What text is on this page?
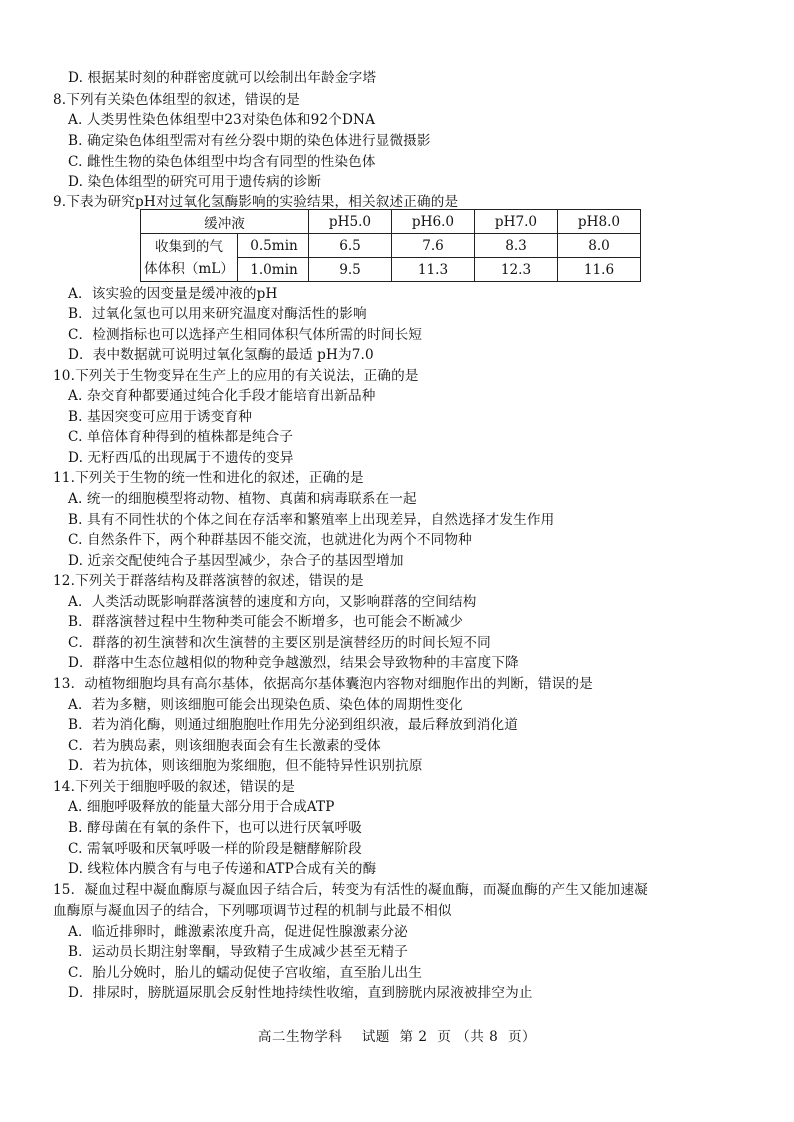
D. 根据某时刻的种群密度就可以绘制出年龄金字塔
8.下列有关染色体组型的叙述，错误的是
A. 人类男性染色体组型中23对染色体和92个DNA
B. 确定染色体组型需对有丝分裂中期的染色体进行显微摄影
C. 雌性生物的染色体组型中均含有同型的性染色体
D. 染色体组型的研究可用于遗传病的诊断
9.下表为研究pH对过氧化氢酶影响的实验结果，相关叙述正确的是
A．该实验的因变量是缓冲液的pH
B．过氧化氢也可以用来研究温度对酶活性的影响
C．检测指标也可以选择产生相同体积气体所需的时间长短
D．表中数据就可说明过氧化氢酶的最适 pH为7.0
10.下列关于生物变异在生产上的应用的有关说法，正确的是
A. 杂交育种都要通过纯合化手段才能培育出新品种
B. 基因突变可应用于诱变育种
C. 单倍体育种得到的植株都是纯合子
D. 无籽西瓜的出现属于不遗传的变异
11.下列关于生物的统一性和进化的叙述，正确的是
A. 统一的细胞模型将动物、植物、真菌和病毒联系在一起
B. 具有不同性状的个体之间在存活率和繁殖率上出现差异，自然选择才发生作用
C. 自然条件下，两个种群基因不能交流，也就进化为两个不同物种
D. 近亲交配使纯合子基因型减少，杂合子的基因型增加
12.下列关于群落结构及群落演替的叙述，错误的是
A．人类活动既影响群落演替的速度和方向，又影响群落的空间结构
B．群落演替过程中生物种类可能会不断增多，也可能会不断减少
C．群落的初生演替和次生演替的主要区别是演替经历的时间长短不同
D．群落中生态位越相似的物种竞争越激烈，结果会导致物种的丰富度下降
13．动植物细胞均具有高尔基体，依据高尔基体囊泡内容物对细胞作出的判断，错误的是
A．若为多糖，则该细胞可能会出现染色质、染色体的周期性变化
B．若为消化酶，则通过细胞胞吐作用先分泌到组织液，最后释放到消化道
C．若为胰岛素，则该细胞表面会有生长激素的受体
D．若为抗体，则该细胞为浆细胞，但不能特异性识别抗原
14.下列关于细胞呼吸的叙述，错误的是
A. 细胞呼吸释放的能量大部分用于合成ATP
B. 酵母菌在有氧的条件下，也可以进行厌氧呼吸
C. 需氧呼吸和厌氧呼吸一样的阶段是糖酵解阶段
D. 线粒体内膜含有与电子传递和ATP合成有关的酶
15．凝血过程中凝血酶原与凝血因子结合后，转变为有活性的凝血酶，而凝血酶的产生又能加速凝
血酶原与凝血因子的结合，下列哪项调节过程的机制与此最不相似
A．临近排卵时，雌激素浓度升高，促进促性腺激素分泌
B．运动员长期注射睾酮，导致精子生成减少甚至无精子
C．胎儿分娩时，胎儿的蠕动促使子宫收缩，直至胎儿出生
D．排尿时，膀胱逼尿肌会反射性地持续性收缩，直到膀胱内尿液被排空为止
缓冲液		pH5.0	pH6.0	pH7.0	pH8.0

收集到的气
体体积（mL）	0.5min	6.5	7.6	8.3	8.0
	1.0min	9.5	11.3	12.3	11.6
高二生物学科    试题  第 2  页 （共 8  页）
